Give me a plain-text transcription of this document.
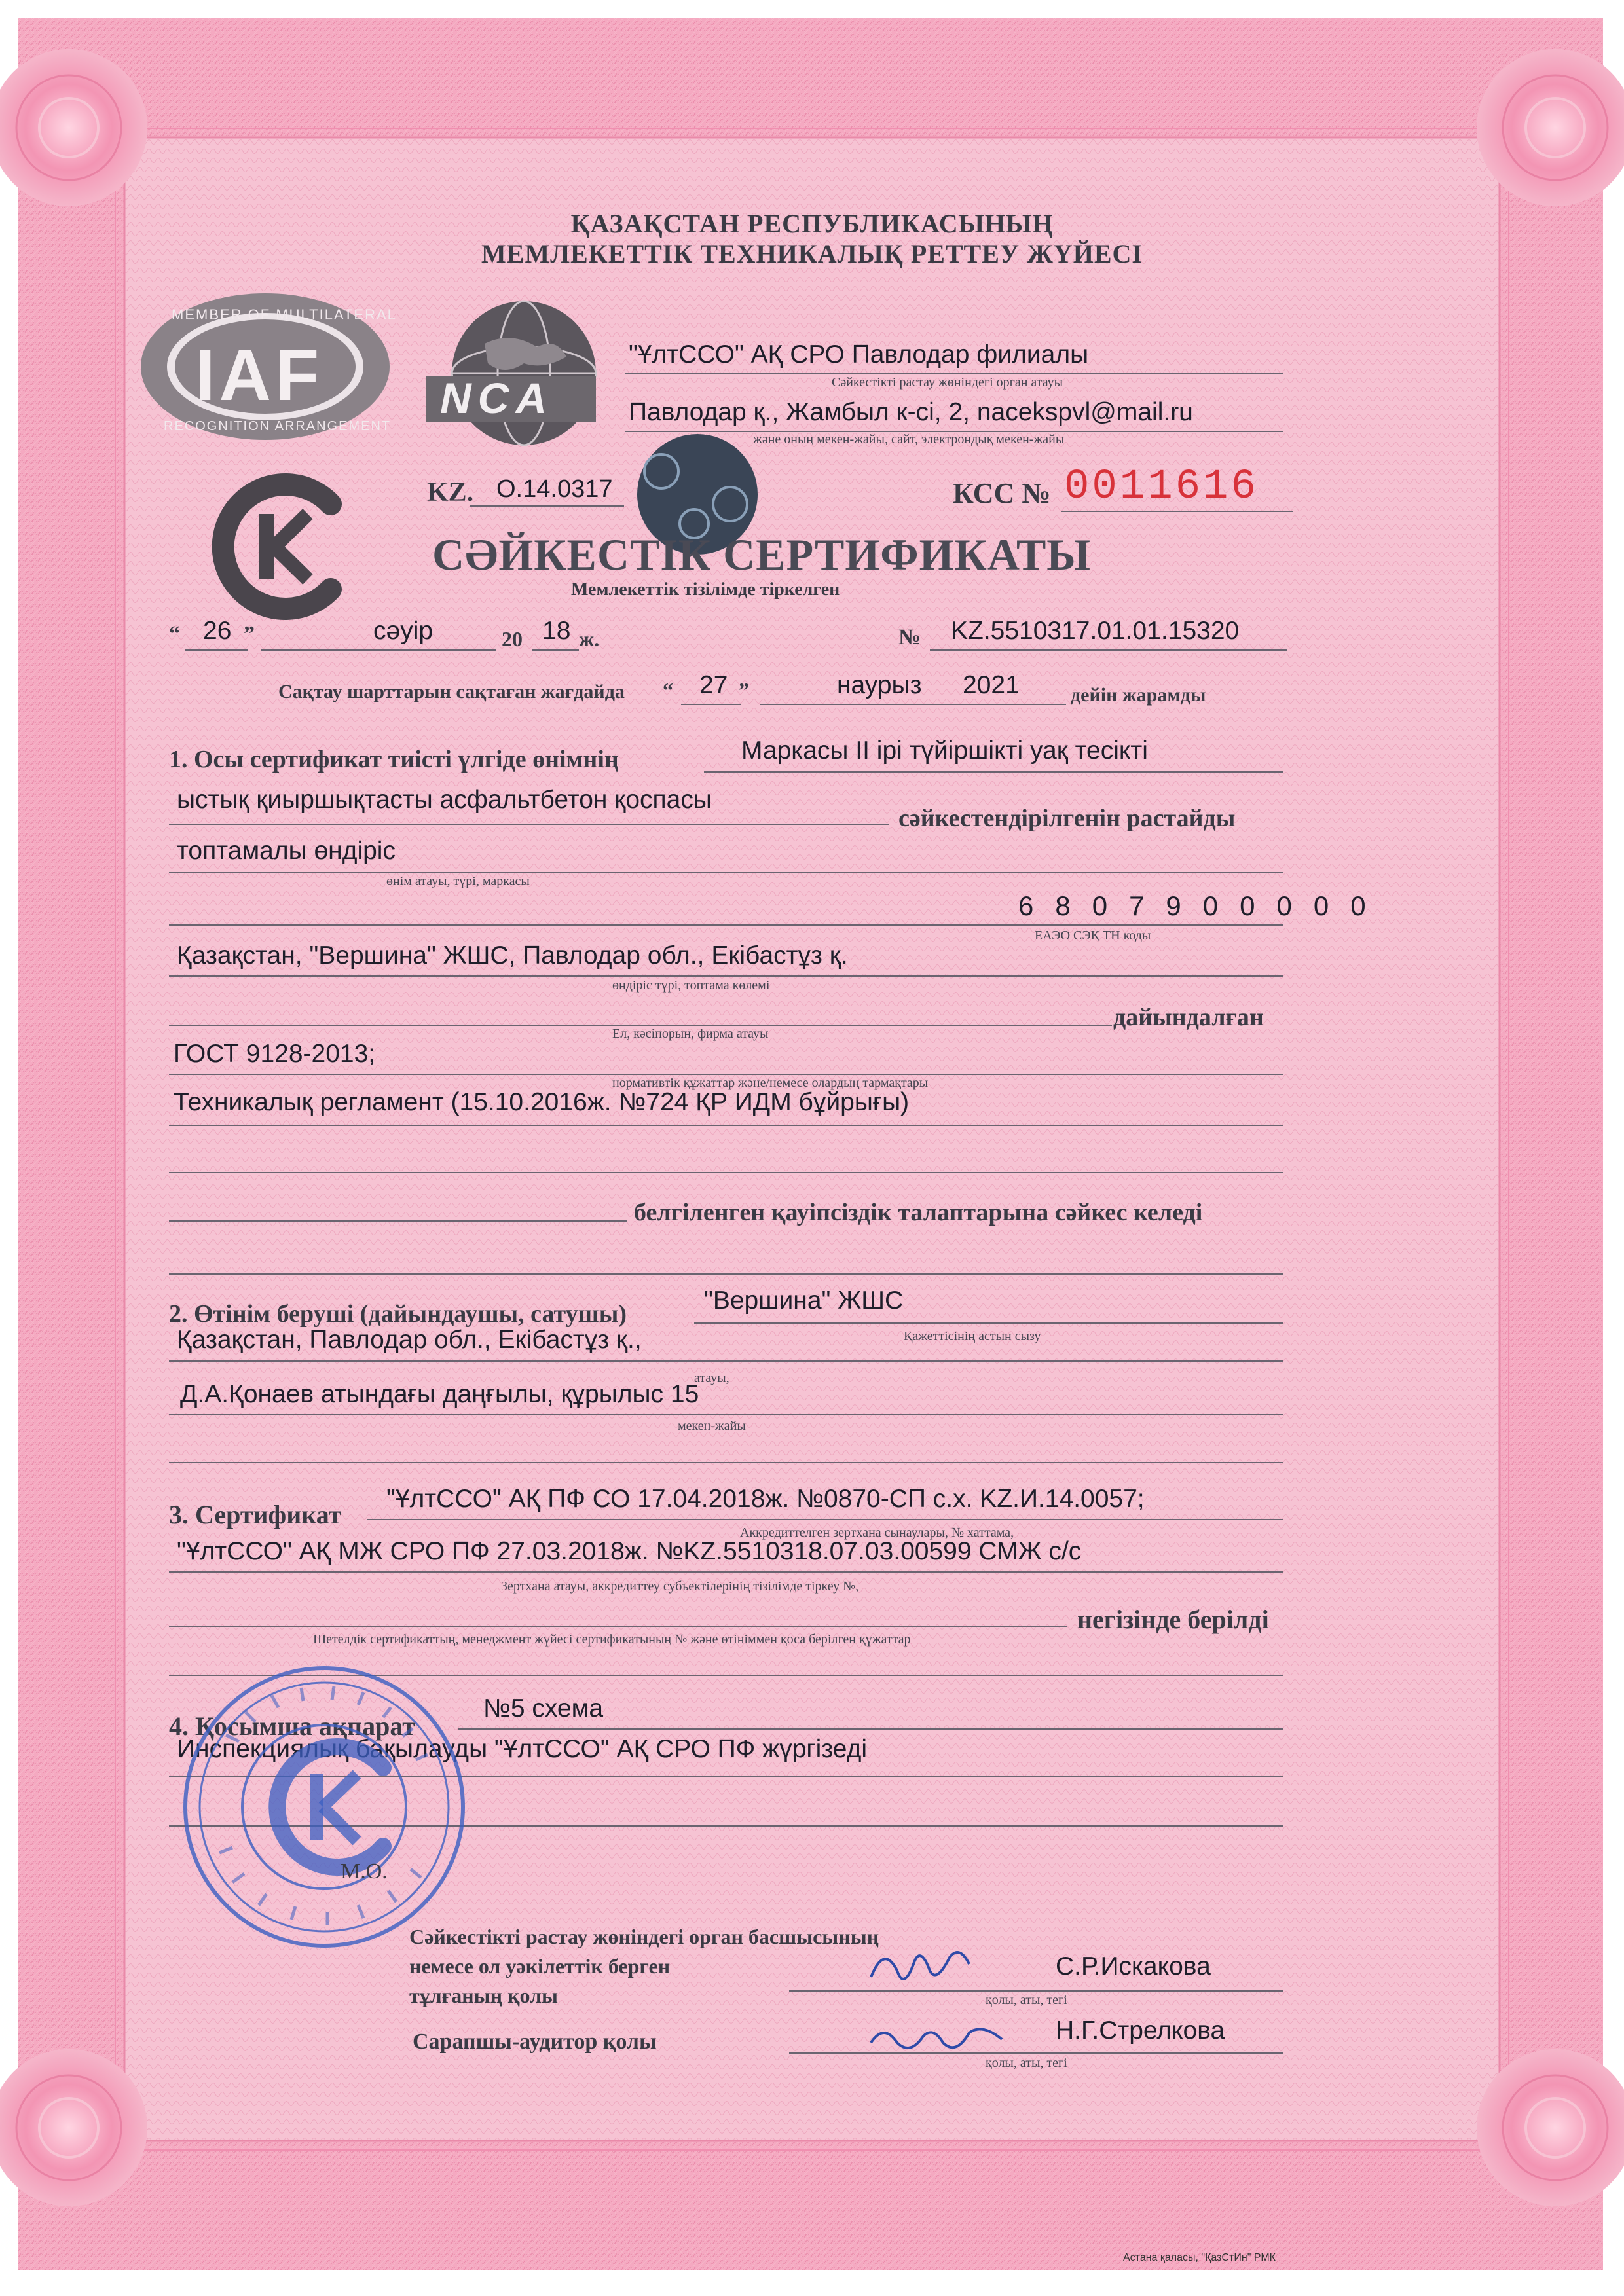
ҚАЗАҚСТАН РЕСПУБЛИКАСЫНЫҢ
МЕМЛЕКЕТТІК ТЕХНИКАЛЫҚ РЕТТЕУ ЖҮЙЕСІ
MEMBER OF MULTILATERAL
IAF
RECOGNITION ARRANGEMENT
NCA
"ҰлтССО" АҚ СРО Павлодар филиалы
Сәйкестікті растау жөніндегі орган атауы
Павлодар қ., Жамбыл к-сі, 2, nacekspvl@mail.ru
және оның мекен-жайы, сайт, электрондық мекен-жайы
KZ. О.14.0317	КСС № 0011616
СӘЙКЕСТІК СЕРТИФИКАТЫ
Мемлекеттік тізілімде тіркелген
“ 26 ”	сәуір	20 18 ж.	№ KZ.5510317.01.01.15320
Сақтау шарттарын сақтаған жағдайда “ 27 ”	наурыз 2021	дейін жарамды
1. Осы сертификат тиісті үлгіде өнімнің	Маркасы II ірі түйіршікті уақ тесікті
ыстық қиыршықтасты асфальтбетон қоспасы
сәйкестендірілгенін растайды
топтамалы өндіріс
өнім атауы, түрі, маркасы
6807900000
ЕАЭО СЭҚ ТН коды
Қазақстан, "Вершина" ЖШС, Павлодар обл., Екібастұз қ.
өндіріс түрі, топтама көлемі
дайындалған
Ел, кәсіпорын, фирма атауы
ГОСТ 9128-2013;
нормативтік құжаттар және/немесе олардың тармақтары
Техникалық регламент (15.10.2016ж. №724 ҚР ИДМ бұйрығы)
белгіленген қауіпсіздік талаптарына сәйкес келеді
2. Өтінім беруші (дайындаушы, сатушы)	"Вершина" ЖШС
Қажеттісінің астын сызу
Қазақстан, Павлодар обл., Екібастұз қ.,
атауы,
Д.А.Қонаев атындағы даңғылы, құрылыс 15
мекен-жайы
3. Сертификат
"ҰлтССО" АҚ ПФ СО 17.04.2018ж. №0870-СП с.х. KZ.И.14.0057;
Аккредиттелген зертхана сынаулары, № хаттама,
"ҰлтССО" АҚ МЖ СРО ПФ 27.03.2018ж. №KZ.5510318.07.03.00599 СМЖ с/с
Зертхана атауы, аккредиттеу субъектілерінің тізілімде тіркеу №,
негізінде берілді
Шетелдік сертификаттың, менеджмент жүйесі сертификатының № және өтініммен қоса берілген құжаттар
4. Қосымша ақпарат
№5 схема
Инспекциялық бақылауды "ҰлтССО" АҚ СРО ПФ жүргізеді
М.О.
Сәйкестікті растау жөніндегі орган басшысының
немесе ол уәкілеттік берген
тұлғаның қолы
С.Р.Искакова
қолы, аты, тегі
Сарапшы-аудитор қолы	Н.Г.Стрелкова
қолы, аты, тегі
Астана қаласы, "ҚазСтИн" РМК
